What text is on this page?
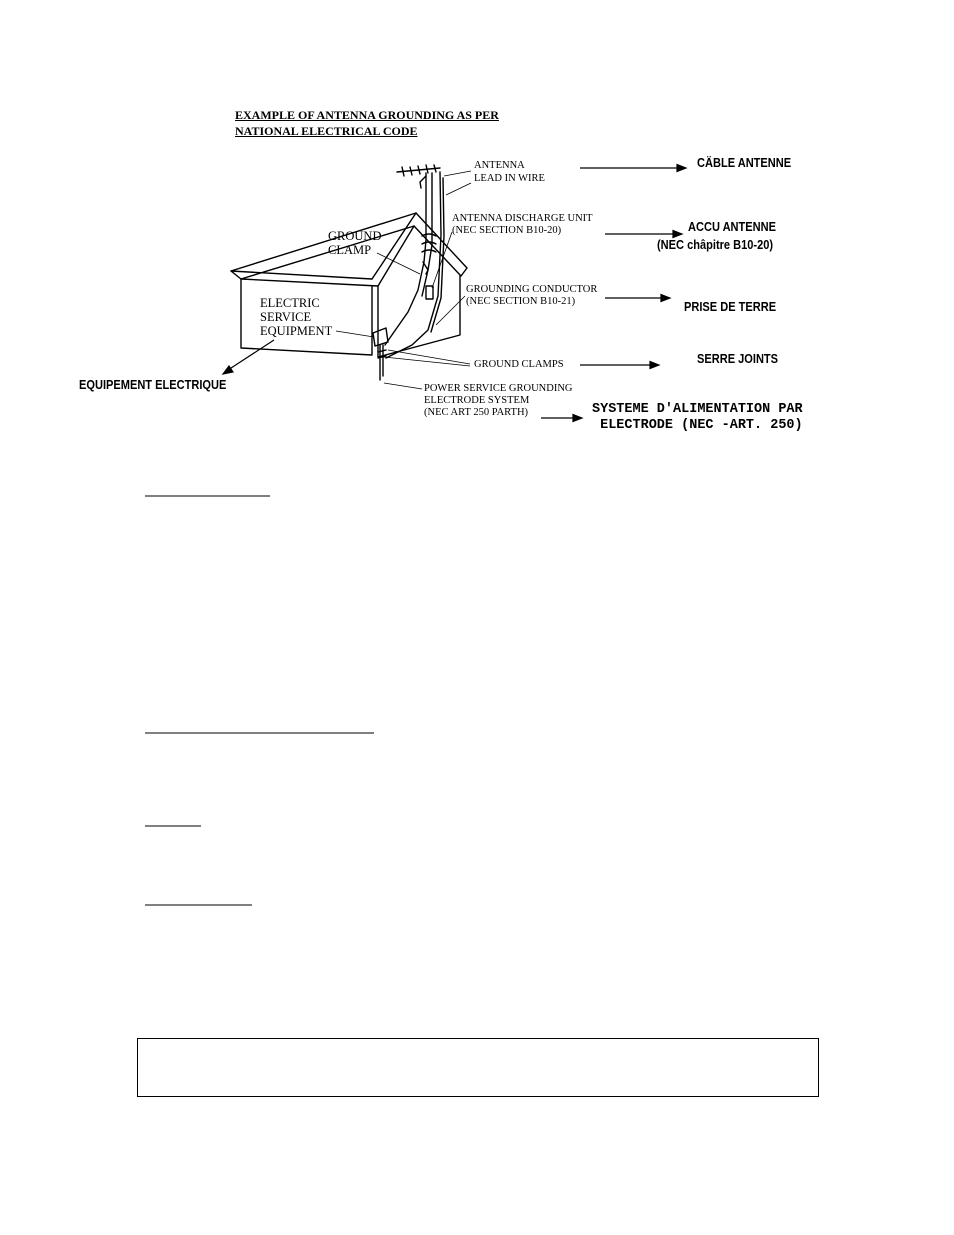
EXAMPLE OF ANTENNA GROUNDING AS PER
NATIONAL ELECTRICAL CODE
ANTENNA
LEAD IN WIRE
ANTENNA DISCHARGE UNIT
(NEC SECTION B10-20)
GROUND
CLAMP
ELECTRIC
SERVICE
EQUIPMENT
GROUNDING CONDUCTOR
(NEC SECTION B10-21)
GROUND CLAMPS
POWER SERVICE GROUNDING
ELECTRODE SYSTEM
(NEC ART 250 PARTH)
CÄBLE ANTENNE
ACCU ANTENNE
(NEC châpitre B10-20)
PRISE DE TERRE
SERRE JOINTS
EQUIPEMENT ELECTRIQUE
SYSTEME D'ALIMENTATION PAR
ELECTRODE (NEC -ART. 250)
